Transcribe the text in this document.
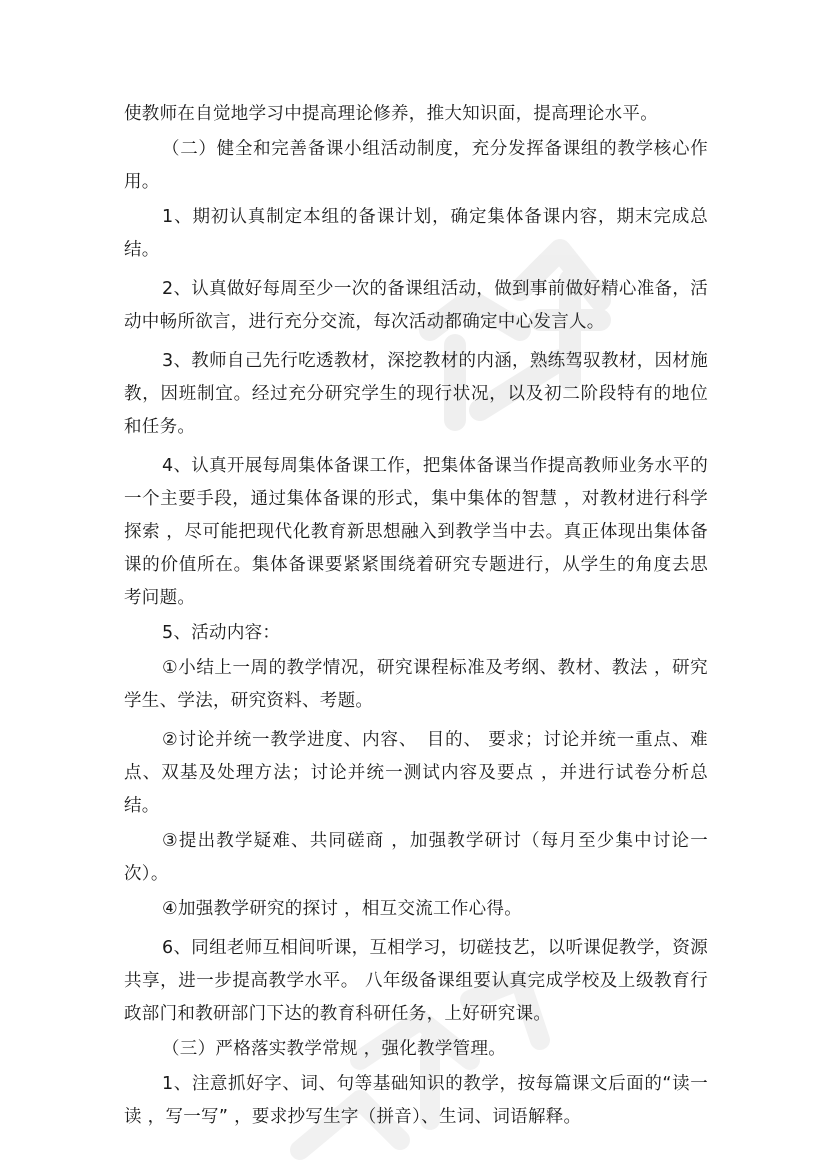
使教师在自觉地学习中提高理论修养，推大知识面，提高理论水平。

（二）健全和完善备课小组活动制度，充分发挥备课组的教学核心作用。

1、期初认真制定本组的备课计划，确定集体备课内容，期末完成总结。

2、认真做好每周至少一次的备课组活动，做到事前做好精心准备，活动中畅所欲言，进行充分交流，每次活动都确定中心发言人。

3、教师自己先行吃透教材，深挖教材的内涵，熟练驾驭教材，因材施教，因班制宜。经过充分研究学生的现行状况，以及初二阶段特有的地位和任务。

4、认真开展每周集体备课工作，把集体备课当作提高教师业务水平的一个主要手段，通过集体备课的形式，集中集体的智慧 ，对教材进行科学探索 ，尽可能把现代化教育新思想融入到教学当中去。真正体现出集体备课的价值所在。集体备课要紧紧围绕着研究专题进行，从学生的角度去思考问题。

5、活动内容：

①小结上一周的教学情况，研究课程标准及考纲、教材、教法 ，研究学生、学法，研究资料、考题。

②讨论并统一教学进度、内容、　目的、 要求；讨论并统一重点、难点、双基及处理方法；讨论并统一测试内容及要点 ，并进行试卷分析总结。

③提出教学疑难、共同磋商 ，加强教学研讨（每月至少集中讨论一次）。

④加强教学研究的探讨 ，相互交流工作心得。

6、同组老师互相间听课，互相学习，切磋技艺，以听课促教学，资源共享，进一步提高教学水平。 八年级备课组要认真完成学校及上级教育行政部门和教研部门下达的教育科研任务，上好研究课。

（三）严格落实教学常规 ，强化教学管理。

1、注意抓好字、词、句等基础知识的教学，按每篇课文后面的“读一读 ，写一写” ，要求抄写生字（拼音）、生词、词语解释。
